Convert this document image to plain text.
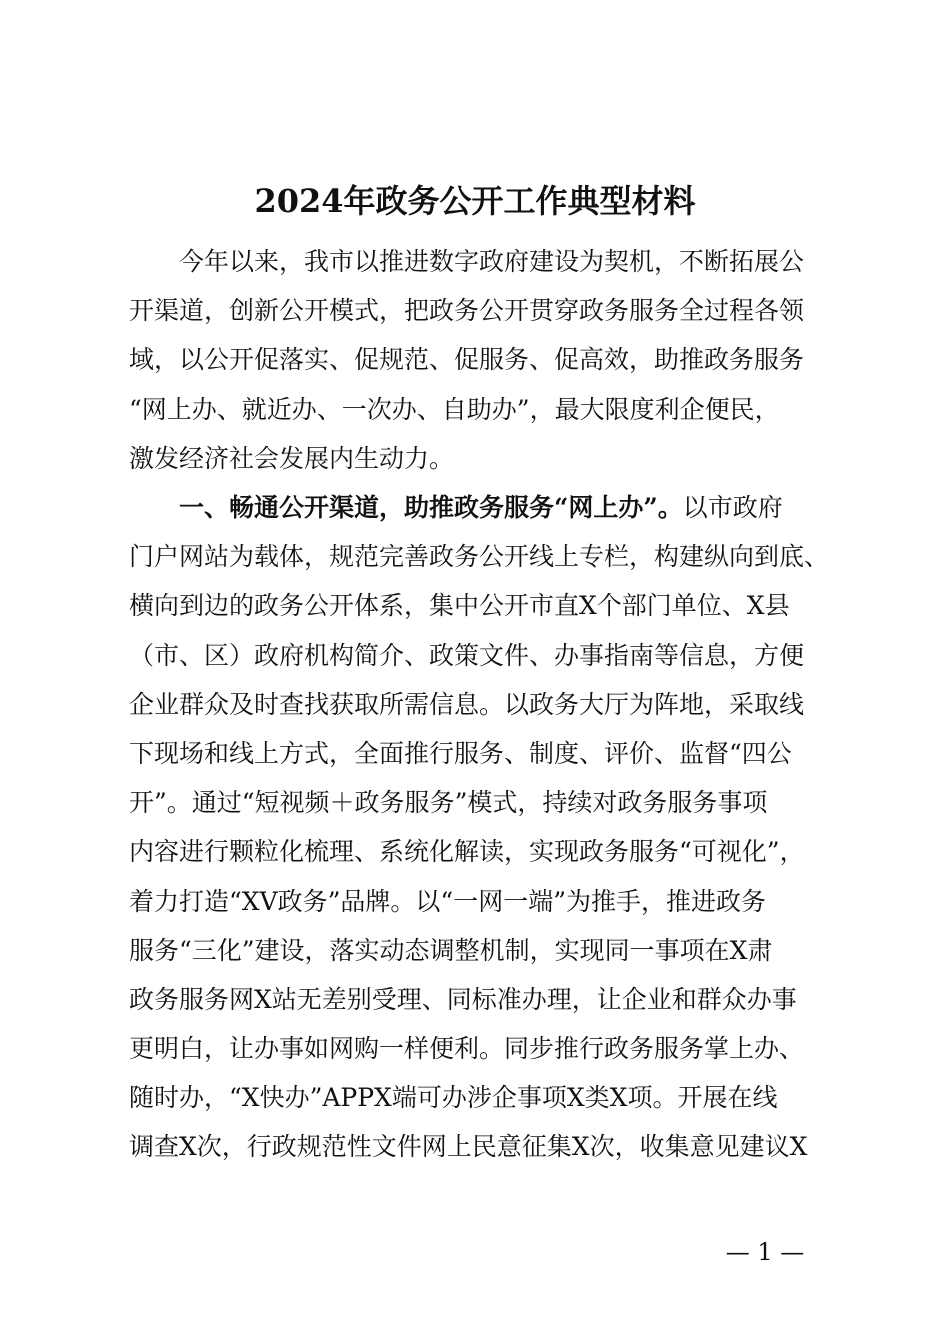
2024年政务公开工作典型材料
　　今年以来，我市以推进数字政府建设为契机，不断拓展公
开渠道，创新公开模式，把政务公开贯穿政务服务全过程各领
域，以公开促落实、促规范、促服务、促高效，助推政务服务
“网上办、就近办、一次办、自助办”，最大限度利企便民，
激发经济社会发展内生动力。
　　一、畅通公开渠道，助推政务服务“网上办”。以市政府
门户网站为载体，规范完善政务公开线上专栏，构建纵向到底、
横向到边的政务公开体系，集中公开市直X个部门单位、X县
（市、区）政府机构简介、政策文件、办事指南等信息，方便
企业群众及时查找获取所需信息。以政务大厅为阵地，采取线
下现场和线上方式，全面推行服务、制度、评价、监督“四公
开”。通过“短视频＋政务服务”模式，持续对政务服务事项
内容进行颗粒化梳理、系统化解读，实现政务服务“可视化”，
着力打造“XV政务”品牌。以“一网一端”为推手，推进政务
服务“三化”建设，落实动态调整机制，实现同一事项在X肃
政务服务网X站无差别受理、同标准办理，让企业和群众办事
更明白，让办事如网购一样便利。同步推行政务服务掌上办、
随时办，“X快办”APPX端可办涉企事项X类X项。开展在线
调查X次，行政规范性文件网上民意征集X次，收集意见建议X
— 1 —
